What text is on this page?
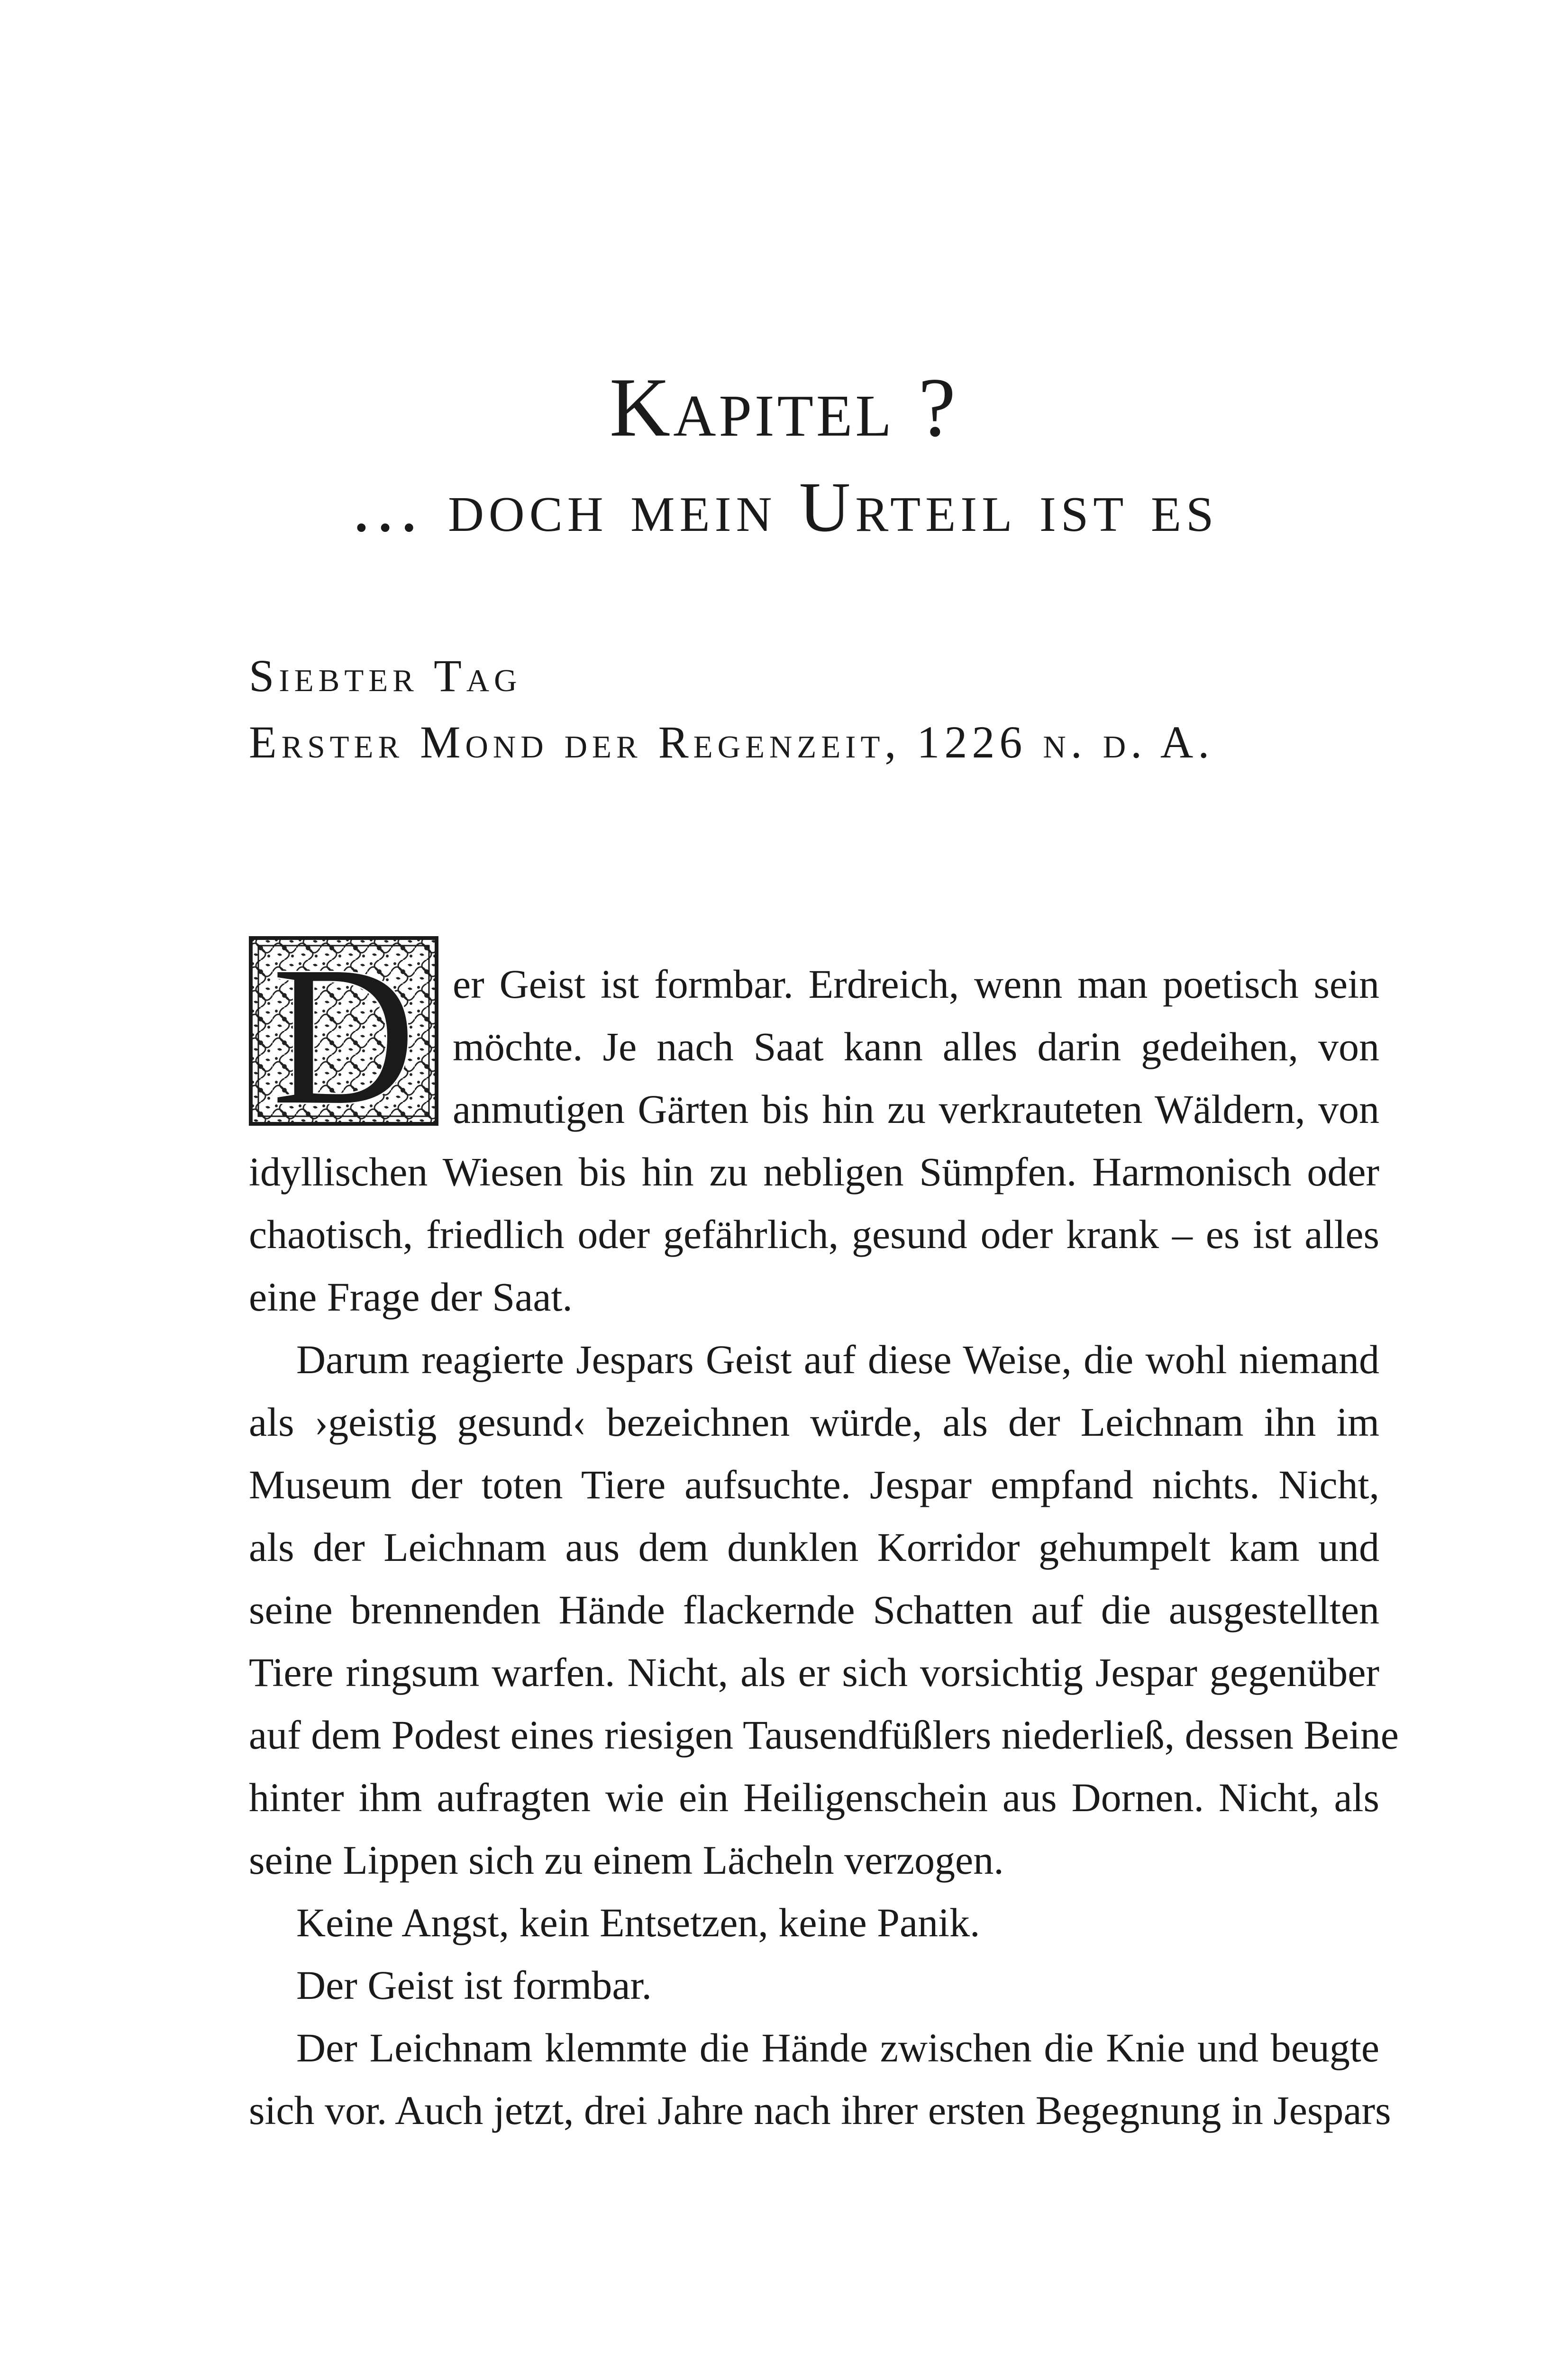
Kapitel ?
… doch mein Urteil ist es
Siebter Tag
Erster Mond der Regenzeit, 1226 n. d. A.
D er Geist ist formbar. Erdreich, wenn man poetisch sein
möchte. Je nach Saat kann alles darin gedeihen, von
anmutigen Gärten bis hin zu verkrauteten Wäldern, von
idyllischen Wiesen bis hin zu nebligen Sümpfen. Harmonisch oder
chaotisch, friedlich oder gefährlich, gesund oder krank – es ist alles
eine Frage der Saat.
Darum reagierte Jespars Geist auf diese Weise, die wohl niemand
als ›geistig gesund‹ bezeichnen würde, als der Leichnam ihn im
Museum der toten Tiere aufsuchte. Jespar empfand nichts. Nicht,
als der Leichnam aus dem dunklen Korridor gehumpelt kam und
seine brennenden Hände flackernde Schatten auf die ausgestellten
Tiere ringsum warfen. Nicht, als er sich vorsichtig Jespar gegenüber
auf dem Podest eines riesigen Tausendfüßlers niederließ, dessen Beine
hinter ihm aufragten wie ein Heiligenschein aus Dornen. Nicht, als
seine Lippen sich zu einem Lächeln verzogen.
Keine Angst, kein Entsetzen, keine Panik.
Der Geist ist formbar.
Der Leichnam klemmte die Hände zwischen die Knie und beugte
sich vor. Auch jetzt, drei Jahre nach ihrer ersten Begegnung in Jespars
